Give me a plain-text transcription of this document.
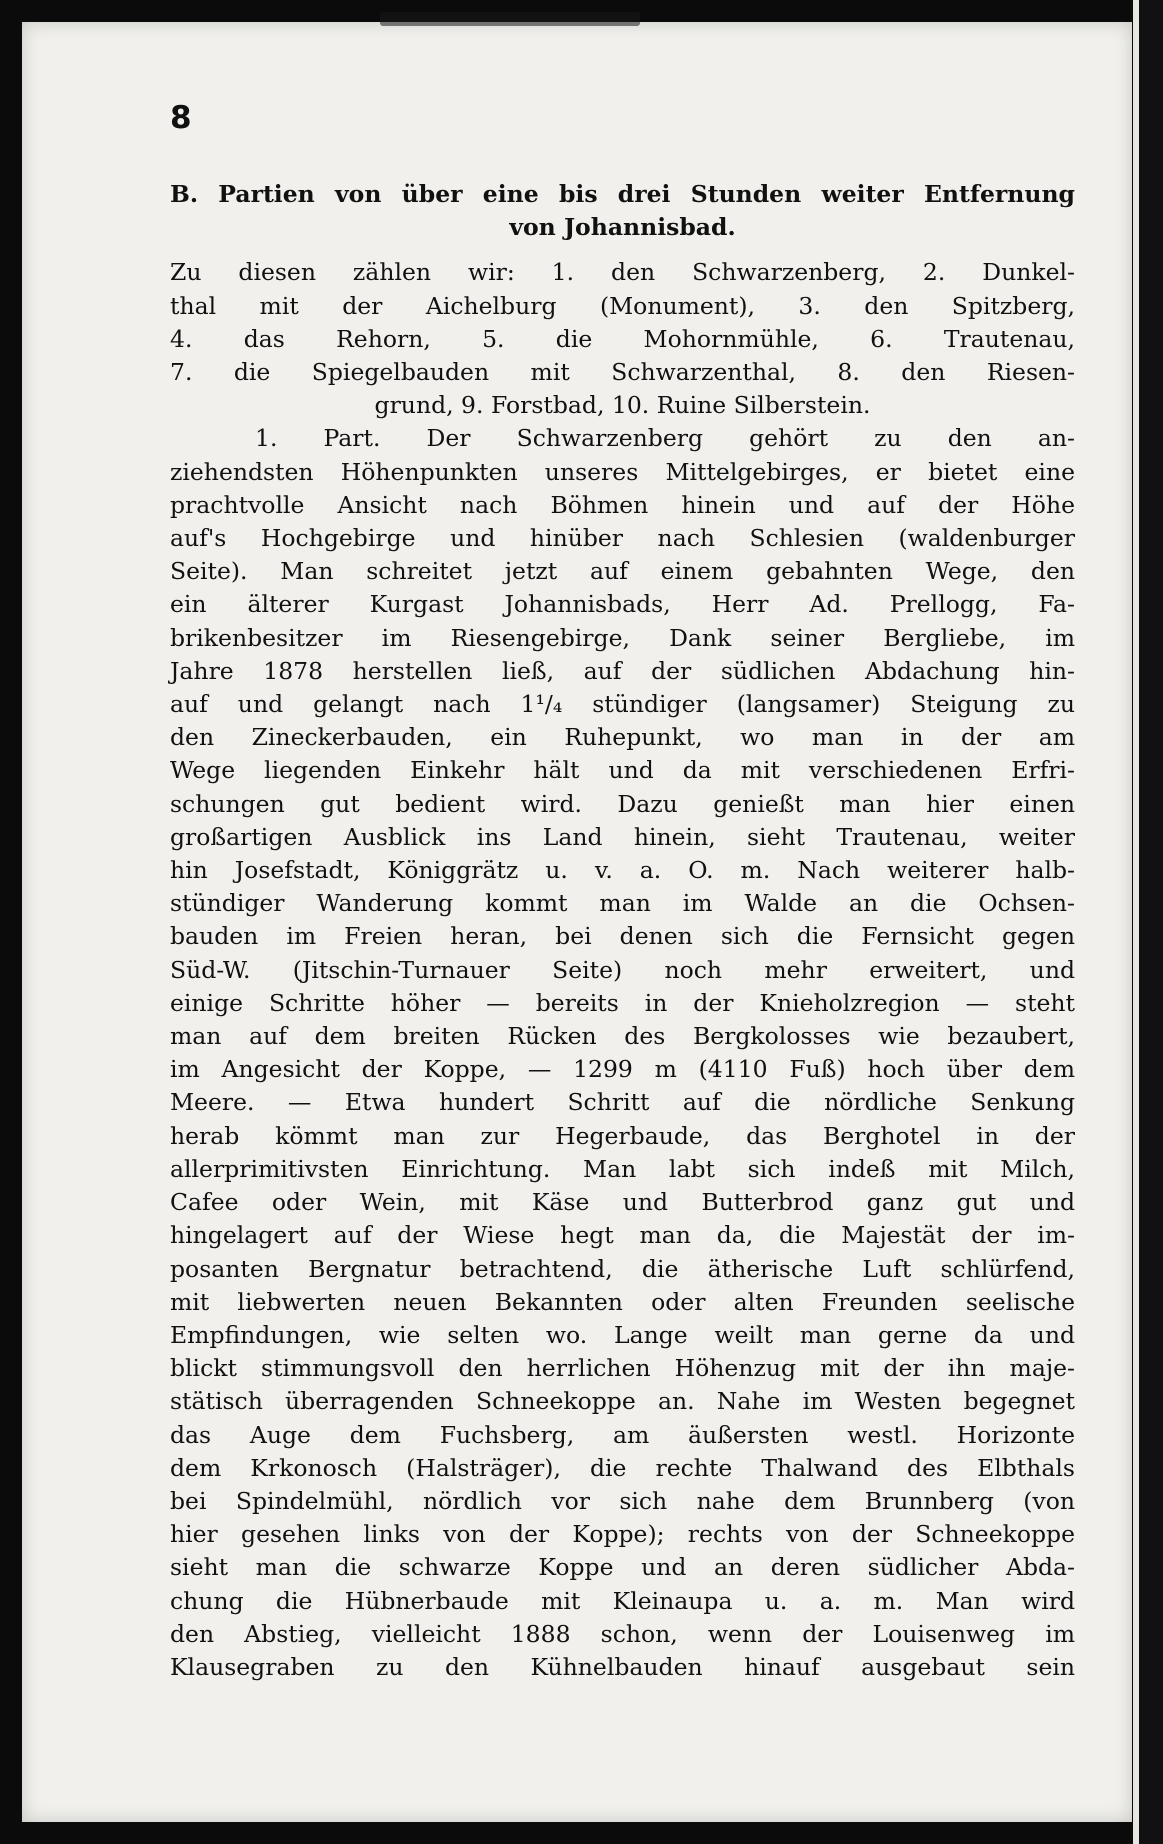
8
B. Partien von über eine bis drei Stunden weiter Entfernung
von Johannisbad.
Zu diesen zählen wir: 1. den Schwarzenberg, 2. Dunkel-
thal mit der Aichelburg (Monument), 3. den Spitzberg,
4. das Rehorn, 5. die Mohornmühle, 6. Trautenau,
7. die Spiegelbauden mit Schwarzenthal, 8. den Riesen-
grund, 9. Forstbad, 10. Ruine Silberstein.
1. Part. Der Schwarzenberg gehört zu den an-
ziehendsten Höhenpunkten unseres Mittelgebirges, er bietet eine
prachtvolle Ansicht nach Böhmen hinein und auf der Höhe
auf's Hochgebirge und hinüber nach Schlesien (waldenburger
Seite). Man schreitet jetzt auf einem gebahnten Wege, den
ein älterer Kurgast Johannisbads, Herr Ad. Prellogg, Fa-
brikenbesitzer im Riesengebirge, Dank seiner Bergliebe, im
Jahre 1878 herstellen ließ, auf der südlichen Abdachung hin-
auf und gelangt nach 1¹/₄ stündiger (langsamer) Steigung zu
den Zineckerbauden, ein Ruhepunkt, wo man in der am
Wege liegenden Einkehr hält und da mit verschiedenen Erfri-
schungen gut bedient wird. Dazu genießt man hier einen
großartigen Ausblick ins Land hinein, sieht Trautenau, weiter
hin Josefstadt, Königgrätz u. v. a. O. m. Nach weiterer halb-
stündiger Wanderung kommt man im Walde an die Ochsen-
bauden im Freien heran, bei denen sich die Fernsicht gegen
Süd-W. (Jitschin-Turnauer Seite) noch mehr erweitert, und
einige Schritte höher — bereits in der Knieholzregion — steht
man auf dem breiten Rücken des Bergkolosses wie bezaubert,
im Angesicht der Koppe, — 1299 m (4110 Fuß) hoch über dem
Meere. — Etwa hundert Schritt auf die nördliche Senkung
herab kömmt man zur Hegerbaude, das Berghotel in der
allerprimitivsten Einrichtung. Man labt sich indeß mit Milch,
Cafee oder Wein, mit Käse und Butterbrod ganz gut und
hingelagert auf der Wiese hegt man da, die Majestät der im-
posanten Bergnatur betrachtend, die ätherische Luft schlürfend,
mit liebwerten neuen Bekannten oder alten Freunden seelische
Empfindungen, wie selten wo. Lange weilt man gerne da und
blickt stimmungsvoll den herrlichen Höhenzug mit der ihn maje-
stätisch überragenden Schneekoppe an. Nahe im Westen begegnet
das Auge dem Fuchsberg, am äußersten westl. Horizonte
dem Krkonosch (Halsträger), die rechte Thalwand des Elbthals
bei Spindelmühl, nördlich vor sich nahe dem Brunnberg (von
hier gesehen links von der Koppe); rechts von der Schneekoppe
sieht man die schwarze Koppe und an deren südlicher Abda-
chung die Hübnerbaude mit Kleinaupa u. a. m. Man wird
den Abstieg, vielleicht 1888 schon, wenn der Louisenweg im
Klausegraben zu den Kühnelbauden hinauf ausgebaut sein
